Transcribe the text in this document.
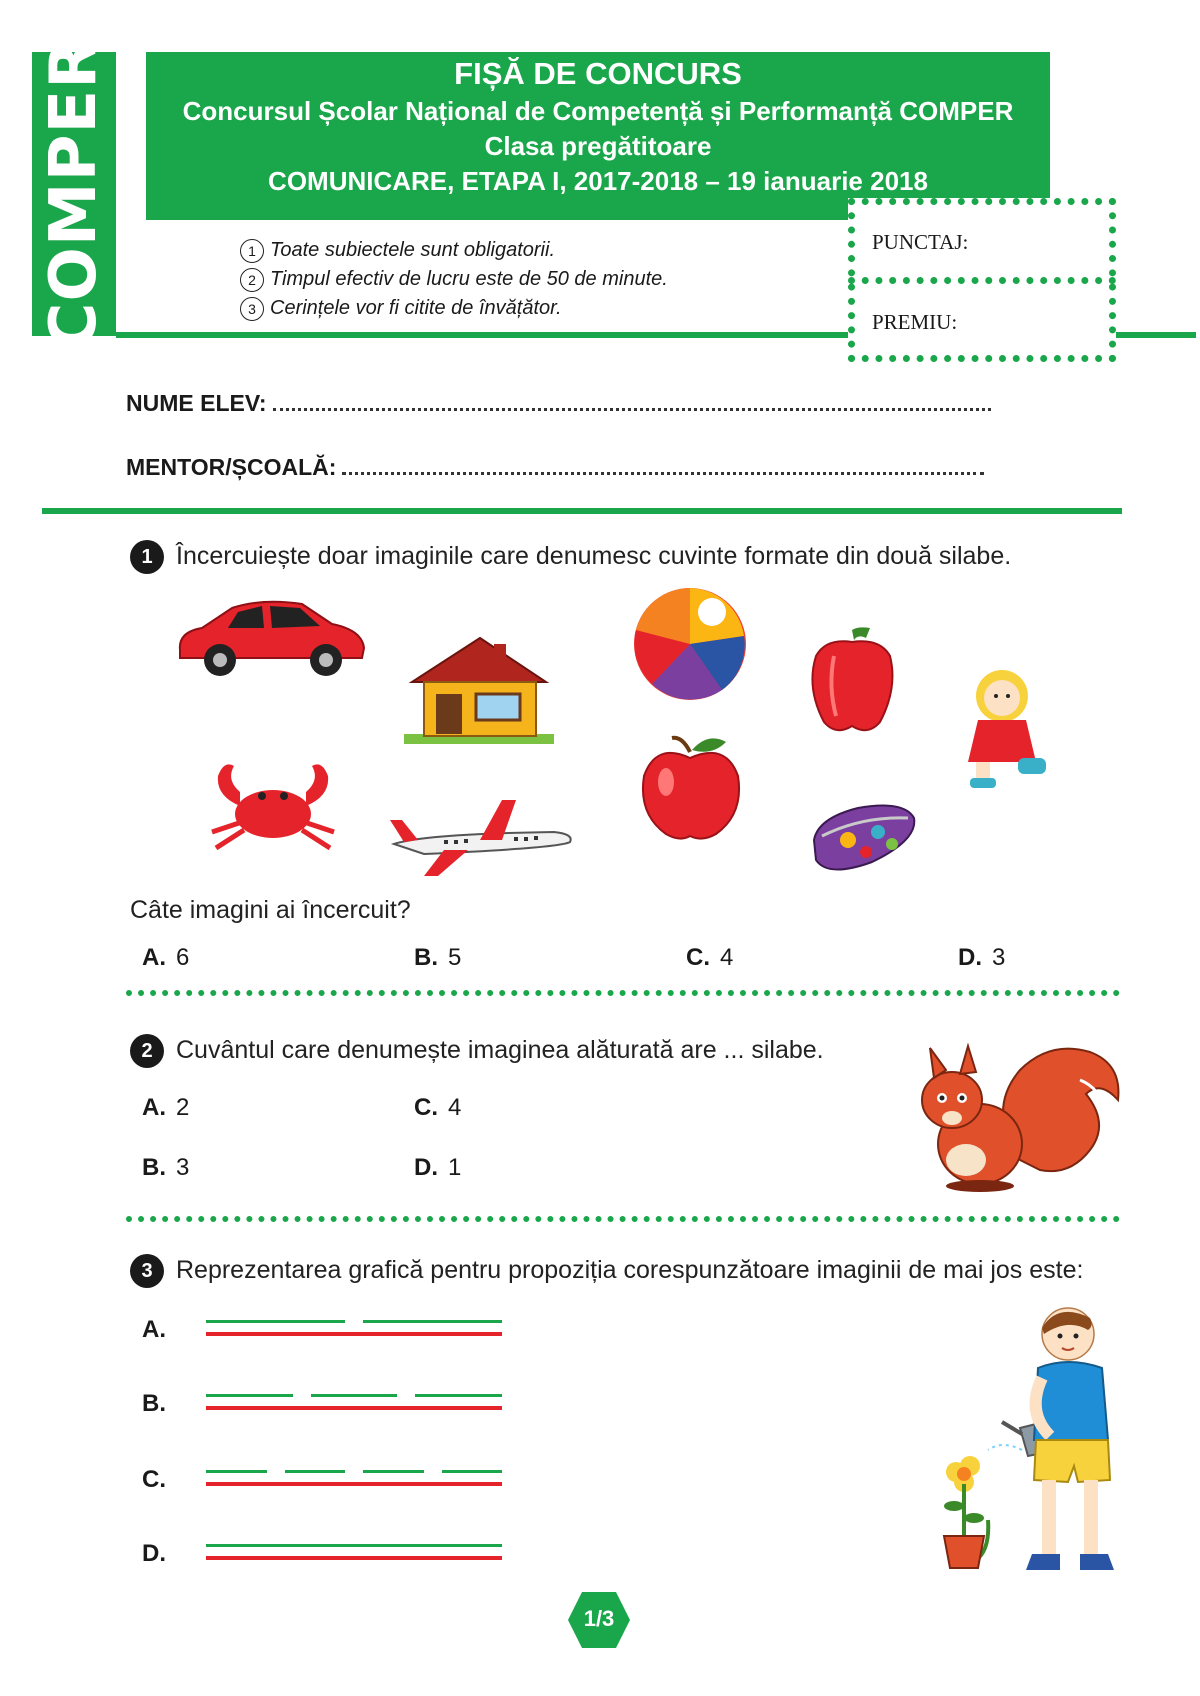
COMPER	FIȘĂ DE CONCURS
Concursul Școlar Național de Competență și Performanță COMPER
Clasa pregătitoare
COMUNICARE, ETAPA I, 2017-2018 – 19 ianuarie 2018
1 Toate subiectele sunt obligatorii.
2 Timpul efectiv de lucru este de 50 de minute.
3 Cerințele vor fi citite de învățător.
PUNCTAJ:
PREMIU:
NUME ELEV:
MENTOR/ȘCOALĂ:
1 Încercuiește doar imaginile care denumesc cuvinte formate din două silabe.
Câte imagini ai încercuit?
A. 6	B. 5	C. 4	D. 3
2 Cuvântul care denumește imaginea alăturată are ... silabe.
A. 2	C. 4
B. 3	D. 1
3 Reprezentarea grafică pentru propoziția corespunzătoare imaginii de mai jos este:
A.
B.
C.
D.
1/3
